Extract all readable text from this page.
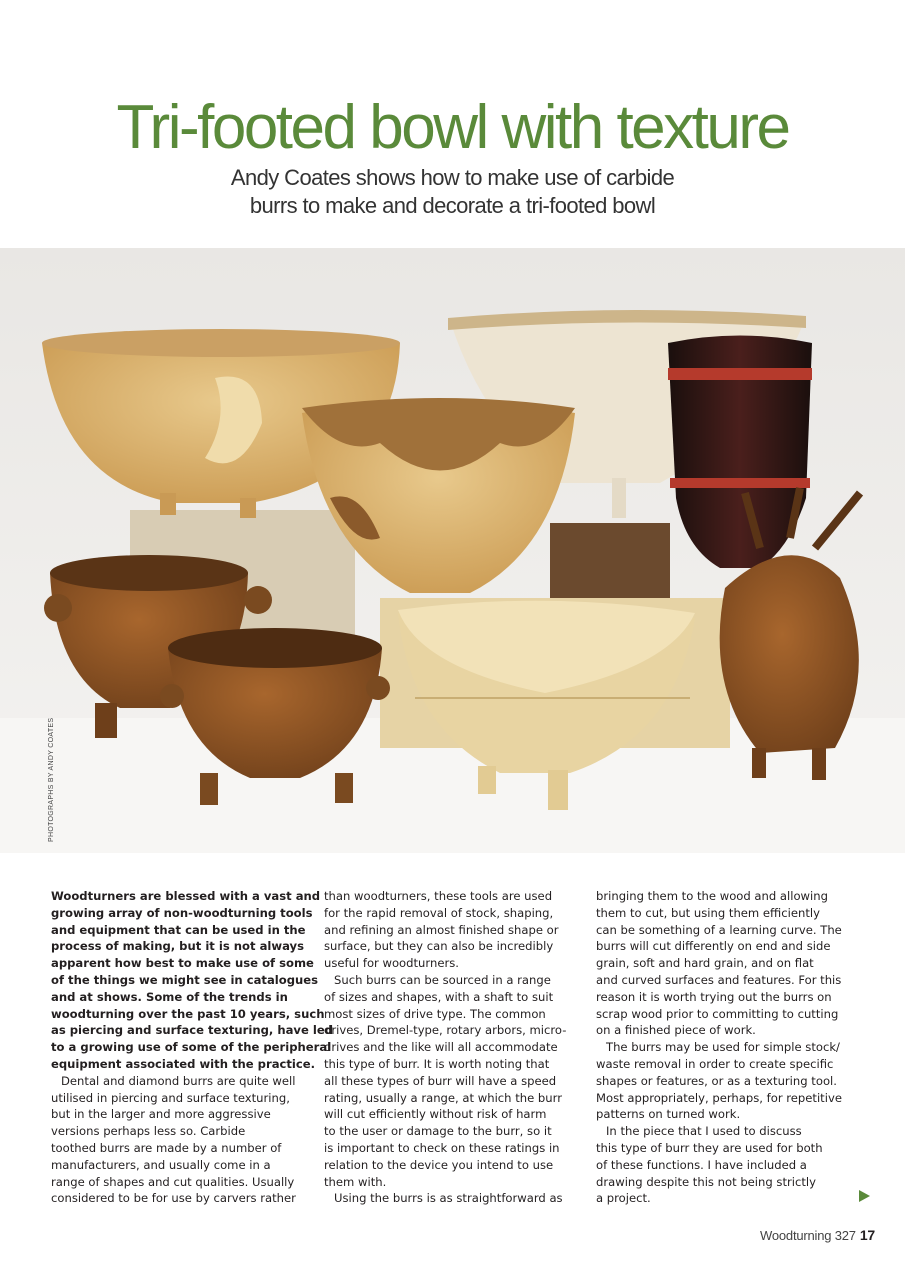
Tri-footed bowl with texture
Andy Coates shows how to make use of carbide
burrs to make and decorate a tri-footed bowl
PHOTOGRAPHS BY ANDY COATES

Woodturners are blessed with a vast and
growing array of non-woodturning tools
and equipment that can be used in the
process of making, but it is not always
apparent how best to make use of some
of the things we might see in catalogues
and at shows. Some of the trends in
woodturning over the past 10 years, such
as piercing and surface texturing, have led
to a growing use of some of the peripheral
equipment associated with the practice.

Dental and diamond burrs are quite well
utilised in piercing and surface texturing,
but in the larger and more aggressive
versions perhaps less so. Carbide
toothed burrs are made by a number of
manufacturers, and usually come in a
range of shapes and cut qualities. Usually
considered to be for use by carvers rather

than woodturners, these tools are used
for the rapid removal of stock, shaping,
and refining an almost finished shape or
surface, but they can also be incredibly
useful for woodturners.

Such burrs can be sourced in a range
of sizes and shapes, with a shaft to suit
most sizes of drive type. The common
drives, Dremel-type, rotary arbors, micro-
drives and the like will all accommodate
this type of burr. It is worth noting that
all these types of burr will have a speed
rating, usually a range, at which the burr
will cut efficiently without risk of harm
to the user or damage to the burr, so it
is important to check on these ratings in
relation to the device you intend to use
them with.

Using the burrs is as straightforward as

bringing them to the wood and allowing
them to cut, but using them efficiently
can be something of a learning curve. The
burrs will cut differently on end and side
grain, soft and hard grain, and on flat
and curved surfaces and features. For this
reason it is worth trying out the burrs on
scrap wood prior to committing to cutting
on a finished piece of work.

The burrs may be used for simple stock/
waste removal in order to create specific
shapes or features, or as a texturing tool.
Most appropriately, perhaps, for repetitive
patterns on turned work.

In the piece that I used to discuss
this type of burr they are used for both
of these functions. I have included a
drawing despite this not being strictly
a project.

Woodturning 327 17
